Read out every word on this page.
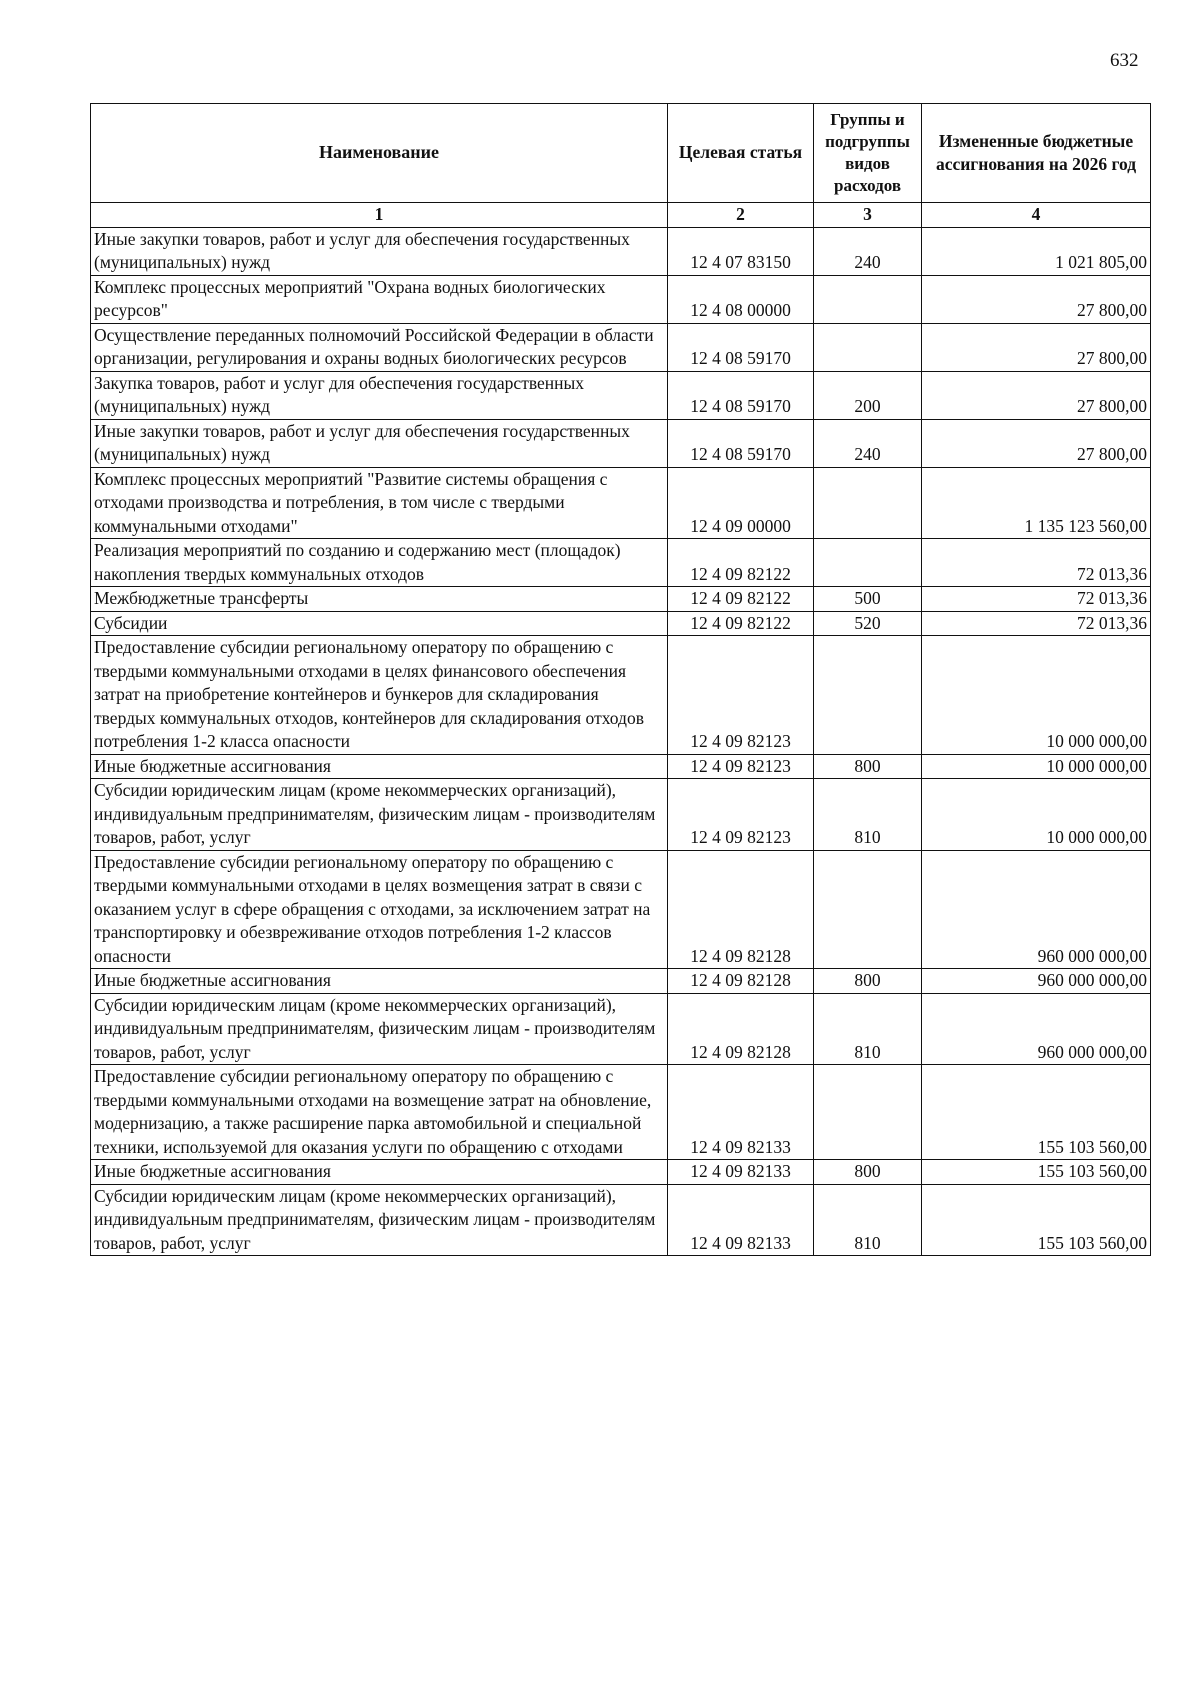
632
Наименование	Целевая статья	Группы и подгруппы видов расходов	Измененные бюджетные ассигнования на 2026 год
1	2	3	4
Иные закупки товаров, работ и услуг для обеспечения государственных (муниципальных) нужд	12 4 07 83150	240	1 021 805,00
Комплекс процессных мероприятий "Охрана водных биологических ресурсов"	12 4 08 00000		27 800,00
Осуществление переданных полномочий Российской Федерации в области организации, регулирования и охраны водных биологических ресурсов	12 4 08 59170		27 800,00
Закупка товаров, работ и услуг для обеспечения государственных (муниципальных) нужд	12 4 08 59170	200	27 800,00
Иные закупки товаров, работ и услуг для обеспечения государственных (муниципальных) нужд	12 4 08 59170	240	27 800,00
Комплекс процессных мероприятий "Развитие системы обращения с отходами производства и потребления, в том числе с твердыми коммунальными отходами"	12 4 09 00000		1 135 123 560,00
Реализация мероприятий по созданию и содержанию мест (площадок) накопления твердых коммунальных отходов	12 4 09 82122		72 013,36
Межбюджетные трансферты	12 4 09 82122	500	72 013,36
Субсидии	12 4 09 82122	520	72 013,36
Предоставление субсидии региональному оператору по обращению с твердыми коммунальными отходами в целях финансового обеспечения затрат на приобретение контейнеров и бункеров для складирования твердых коммунальных отходов, контейнеров для складирования отходов потребления 1-2 класса опасности	12 4 09 82123		10 000 000,00
Иные бюджетные ассигнования	12 4 09 82123	800	10 000 000,00
Субсидии юридическим лицам (кроме некоммерческих организаций), индивидуальным предпринимателям, физическим лицам - производителям товаров, работ, услуг	12 4 09 82123	810	10 000 000,00
Предоставление субсидии региональному оператору по обращению с твердыми коммунальными отходами в целях возмещения затрат в связи с оказанием услуг в сфере обращения с отходами, за исключением затрат на транспортировку и обезвреживание отходов потребления 1-2 классов опасности	12 4 09 82128		960 000 000,00
Иные бюджетные ассигнования	12 4 09 82128	800	960 000 000,00
Субсидии юридическим лицам (кроме некоммерческих организаций), индивидуальным предпринимателям, физическим лицам - производителям товаров, работ, услуг	12 4 09 82128	810	960 000 000,00
Предоставление субсидии региональному оператору по обращению с твердыми коммунальными отходами на возмещение затрат на обновление, модернизацию, а также расширение парка автомобильной и специальной техники, используемой для оказания услуги по обращению с отходами	12 4 09 82133		155 103 560,00
Иные бюджетные ассигнования	12 4 09 82133	800	155 103 560,00
Субсидии юридическим лицам (кроме некоммерческих организаций), индивидуальным предпринимателям, физическим лицам - производителям товаров, работ, услуг	12 4 09 82133	810	155 103 560,00
